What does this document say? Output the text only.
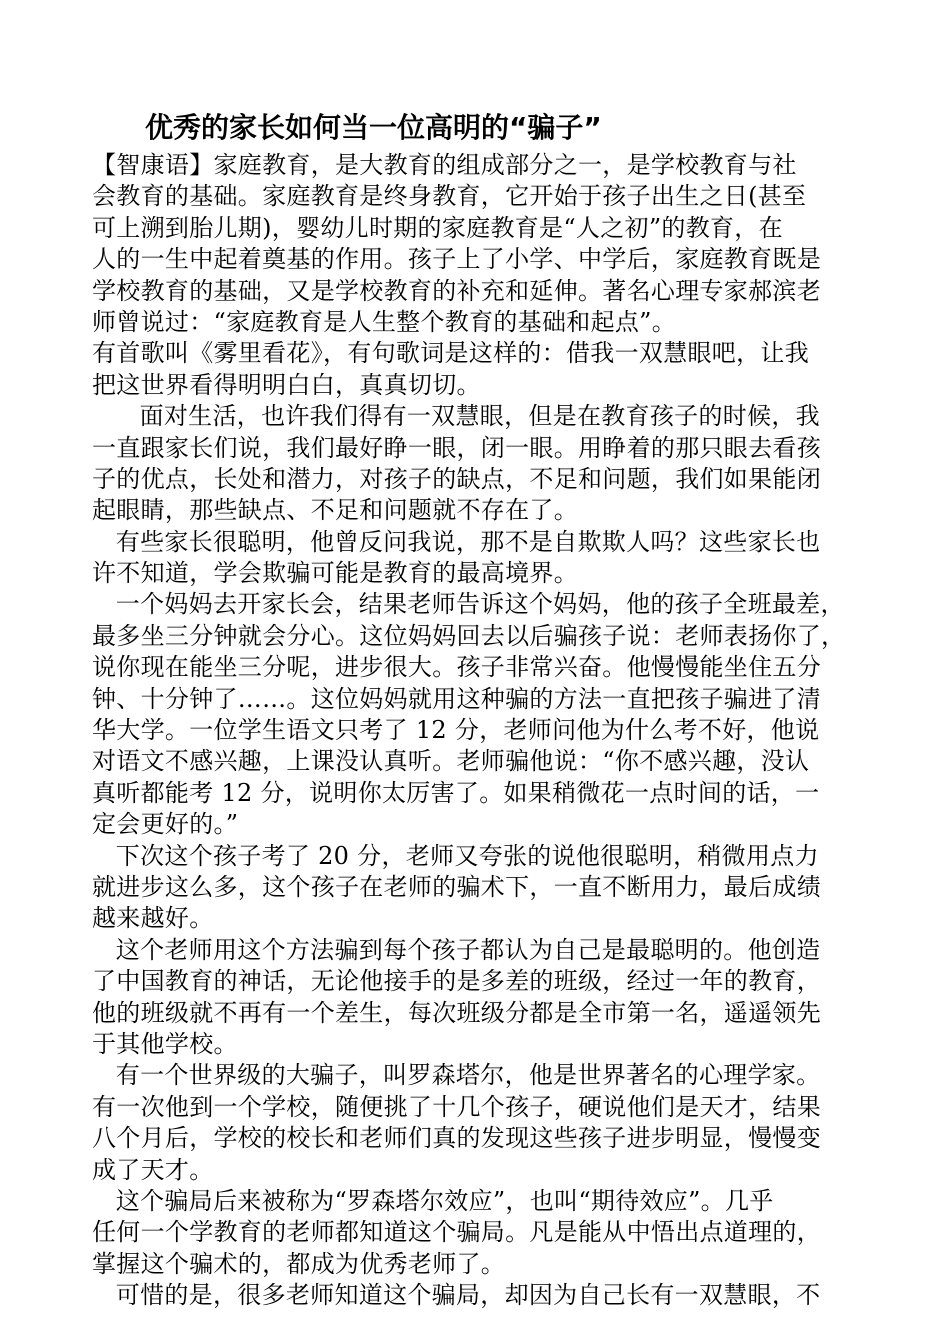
优秀的家长如何当一位高明的“骗子”
【智康语】家庭教育，是大教育的组成部分之一，是学校教育与社
会教育的基础。家庭教育是终身教育，它开始于孩子出生之日(甚至
可上溯到胎儿期)，婴幼儿时期的家庭教育是“人之初”的教育，在
人的一生中起着奠基的作用。孩子上了小学、中学后，家庭教育既是
学校教育的基础，又是学校教育的补充和延伸。著名心理专家郝滨老
师曾说过：“家庭教育是人生整个教育的基础和起点”。
有首歌叫《雾里看花》，有句歌词是这样的：借我一双慧眼吧，让我
把这世界看得明明白白，真真切切。
面对生活，也许我们得有一双慧眼，但是在教育孩子的时候，我
一直跟家长们说，我们最好睁一眼，闭一眼。用睁着的那只眼去看孩
子的优点，长处和潜力，对孩子的缺点，不足和问题，我们如果能闭
起眼睛，那些缺点、不足和问题就不存在了。
有些家长很聪明，他曾反问我说，那不是自欺欺人吗？这些家长也
许不知道，学会欺骗可能是教育的最高境界。
一个妈妈去开家长会，结果老师告诉这个妈妈，他的孩子全班最差，
最多坐三分钟就会分心。这位妈妈回去以后骗孩子说：老师表扬你了，
说你现在能坐三分呢，进步很大。孩子非常兴奋。他慢慢能坐住五分
钟、十分钟了……。这位妈妈就用这种骗的方法一直把孩子骗进了清
华大学。一位学生语文只考了 12 分，老师问他为什么考不好，他说
对语文不感兴趣，上课没认真听。老师骗他说：“你不感兴趣，没认
真听都能考 12 分，说明你太厉害了。如果稍微花一点时间的话，一
定会更好的。”
下次这个孩子考了 20 分，老师又夸张的说他很聪明，稍微用点力
就进步这么多，这个孩子在老师的骗术下，一直不断用力，最后成绩
越来越好。
这个老师用这个方法骗到每个孩子都认为自己是最聪明的。他创造
了中国教育的神话，无论他接手的是多差的班级，经过一年的教育，
他的班级就不再有一个差生，每次班级分都是全市第一名，遥遥领先
于其他学校。
有一个世界级的大骗子，叫罗森塔尔，他是世界著名的心理学家。
有一次他到一个学校，随便挑了十几个孩子，硬说他们是天才，结果
八个月后，学校的校长和老师们真的发现这些孩子进步明显，慢慢变
成了天才。
这个骗局后来被称为“罗森塔尔效应”，也叫“期待效应”。几乎
任何一个学教育的老师都知道这个骗局。凡是能从中悟出点道理的，
掌握这个骗术的，都成为优秀老师了。
可惜的是，很多老师知道这个骗局，却因为自己长有一双慧眼，不
